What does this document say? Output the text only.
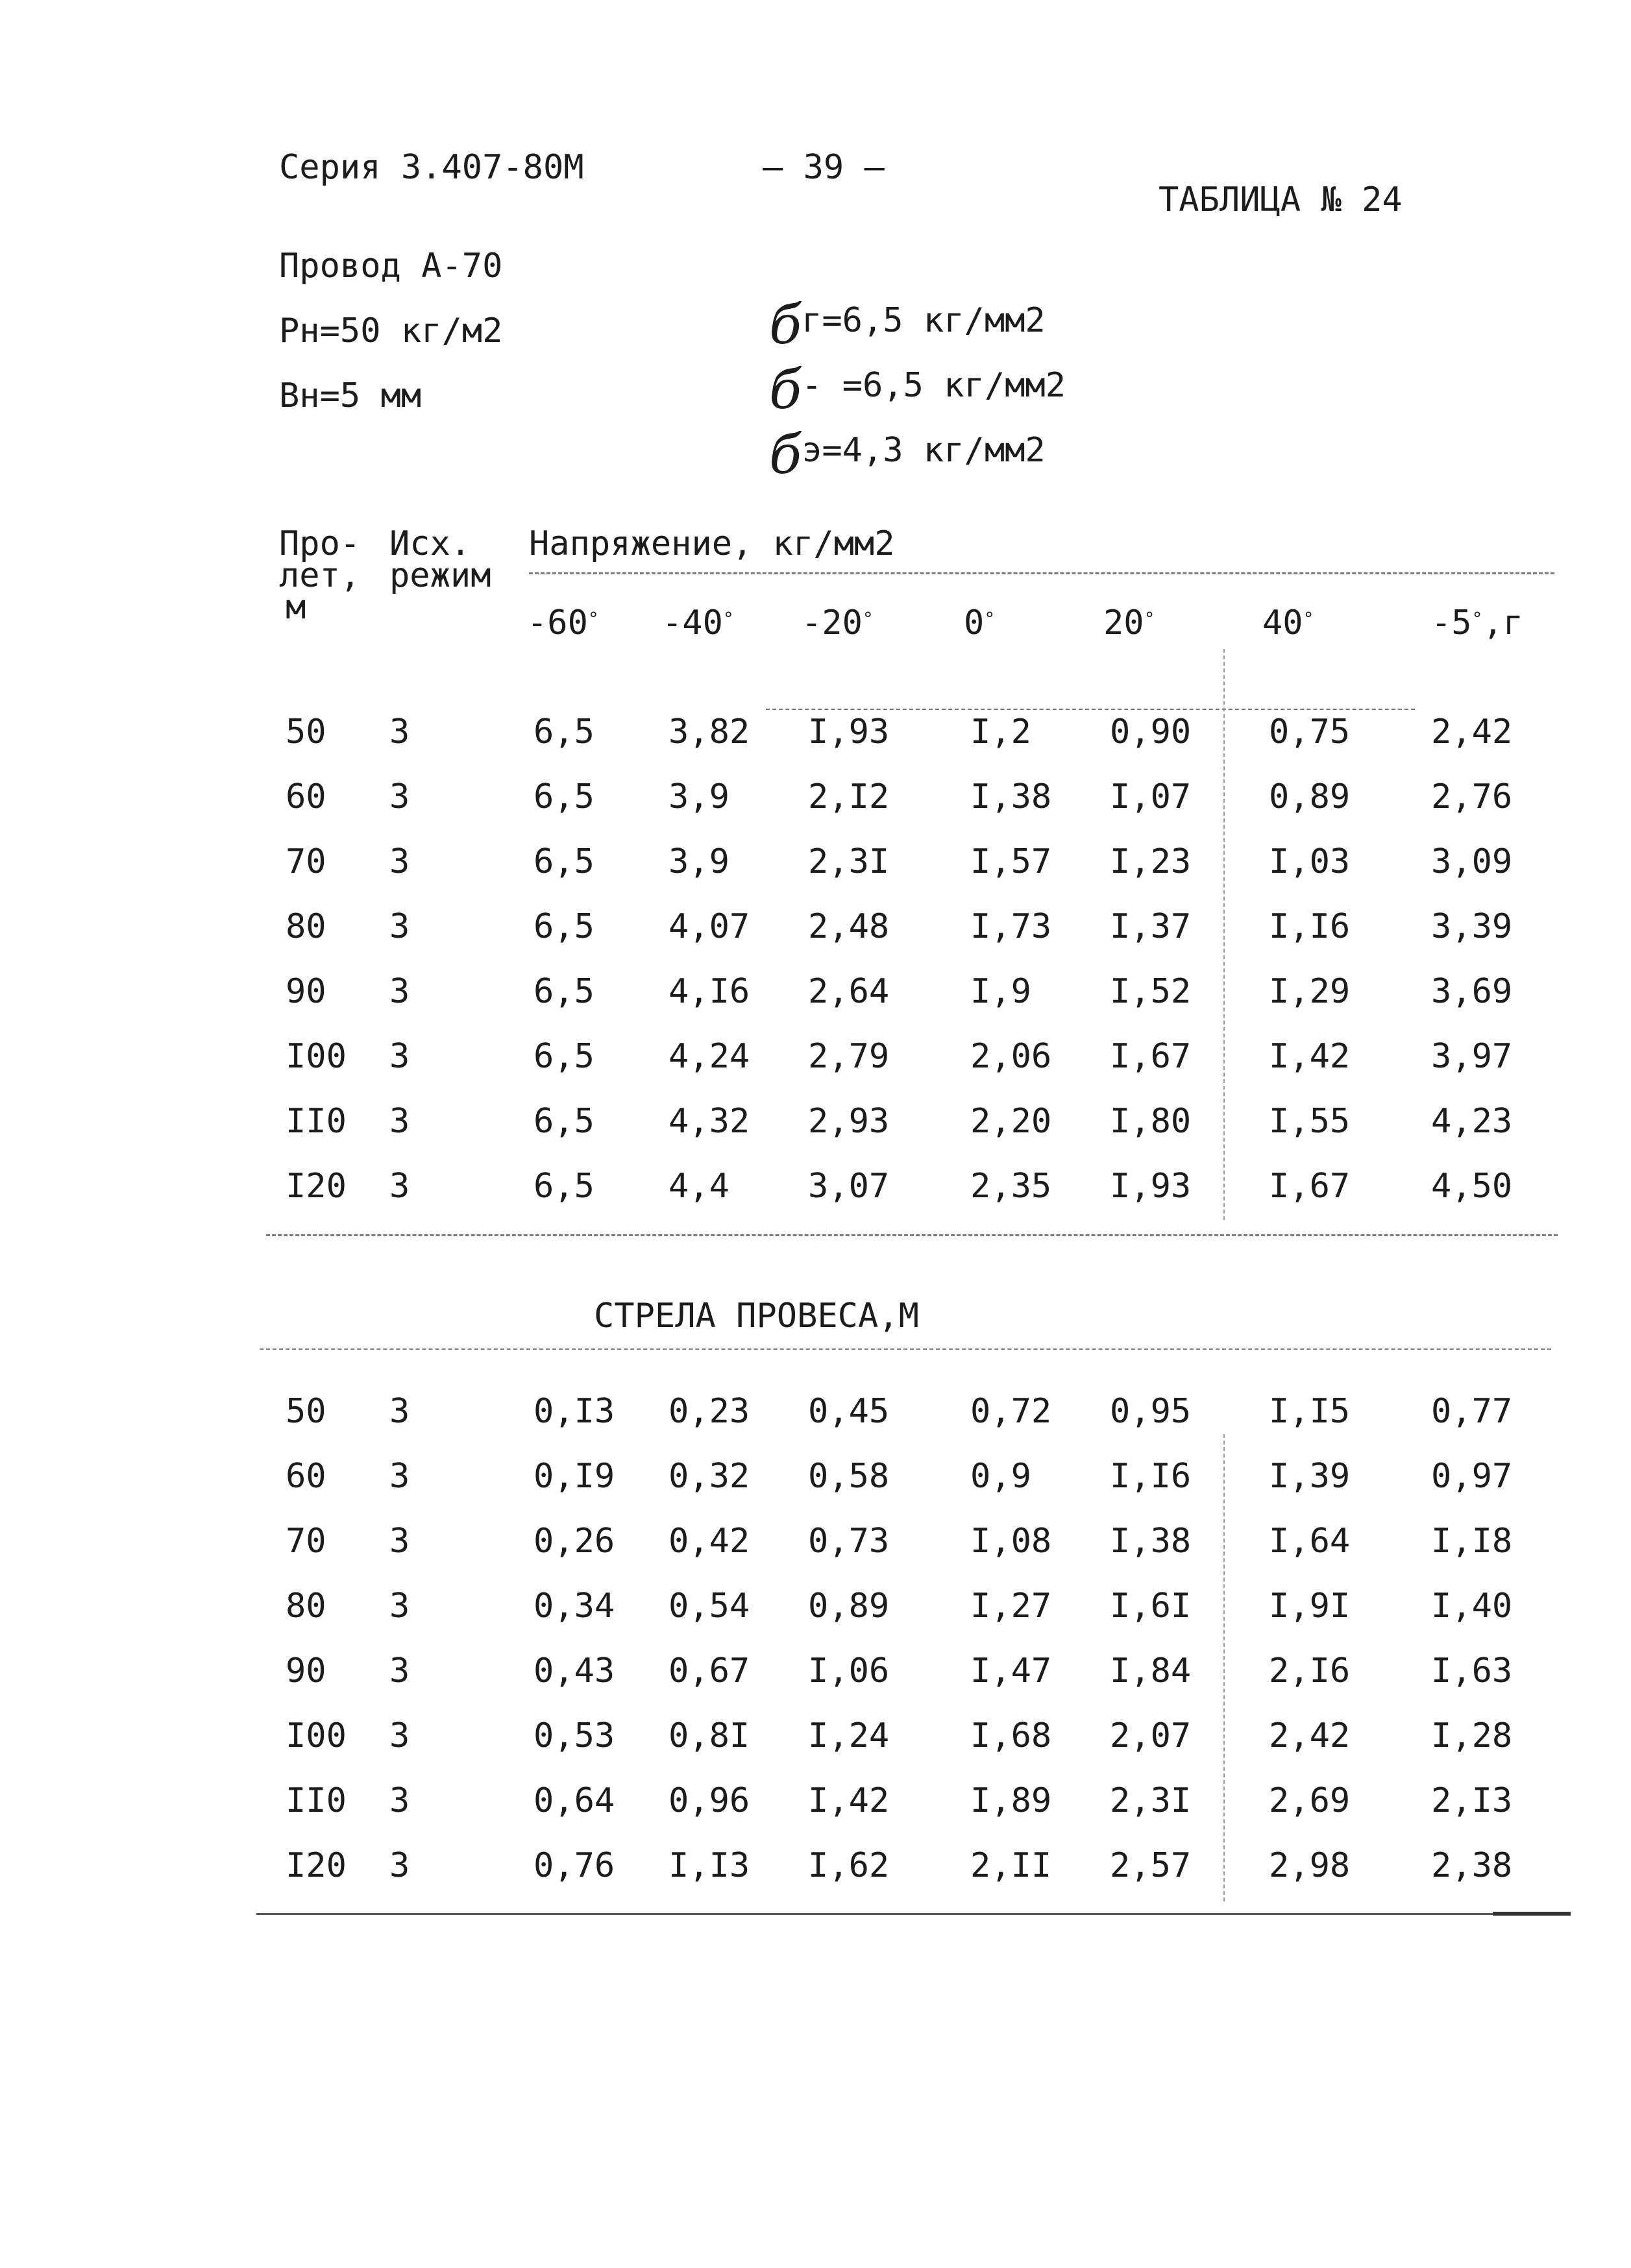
Серия 3.407-80М	– 39 –
ТАБЛИЦА № 24
Провод А-70
Рн=50 кг/м2
Вн=5 мм
бг=6,5 кг/мм2
б- =6,5 кг/мм2
бэ=4,3 кг/мм2
Про-
лет,
м
Исх.
режим
Напряжение, кг/мм2
-60° -40° -20°	0°	20°	40°	-5°,г
50 3	6,5 3,82 I,93 I,2 0,90 0,75 2,42
60 3	6,5 3,9 2,I2 I,38 I,07 0,89 2,76
70 3	6,5 3,9 2,3I I,57 I,23 I,03 3,09
80 3	6,5 4,07 2,48 I,73 I,37 I,I6 3,39
90 3	6,5 4,I6 2,64 I,9 I,52 I,29 3,69
I00 3	6,5 4,24 2,79 2,06 I,67 I,42 3,97
II0 3	6,5 4,32 2,93 2,20 I,80 I,55 4,23
I20 3	6,5 4,4 3,07 2,35 I,93 I,67 4,50
СТРЕЛА ПРОВЕСА,М
50 3	0,I3 0,23 0,45 0,72 0,95 I,I5 0,77
60 3	0,I9 0,32 0,58 0,9 I,I6 I,39 0,97
70 3	0,26 0,42 0,73 I,08 I,38 I,64 I,I8
80 3	0,34 0,54 0,89 I,27 I,6I I,9I I,40
90 3	0,43 0,67 I,06 I,47 I,84 2,I6 I,63
I00 3	0,53 0,8I I,24 I,68 2,07 2,42 I,28
II0 3	0,64 0,96 I,42 I,89 2,3I 2,69 2,I3
I20 3	0,76 I,I3 I,62 2,II 2,57 2,98 2,38
